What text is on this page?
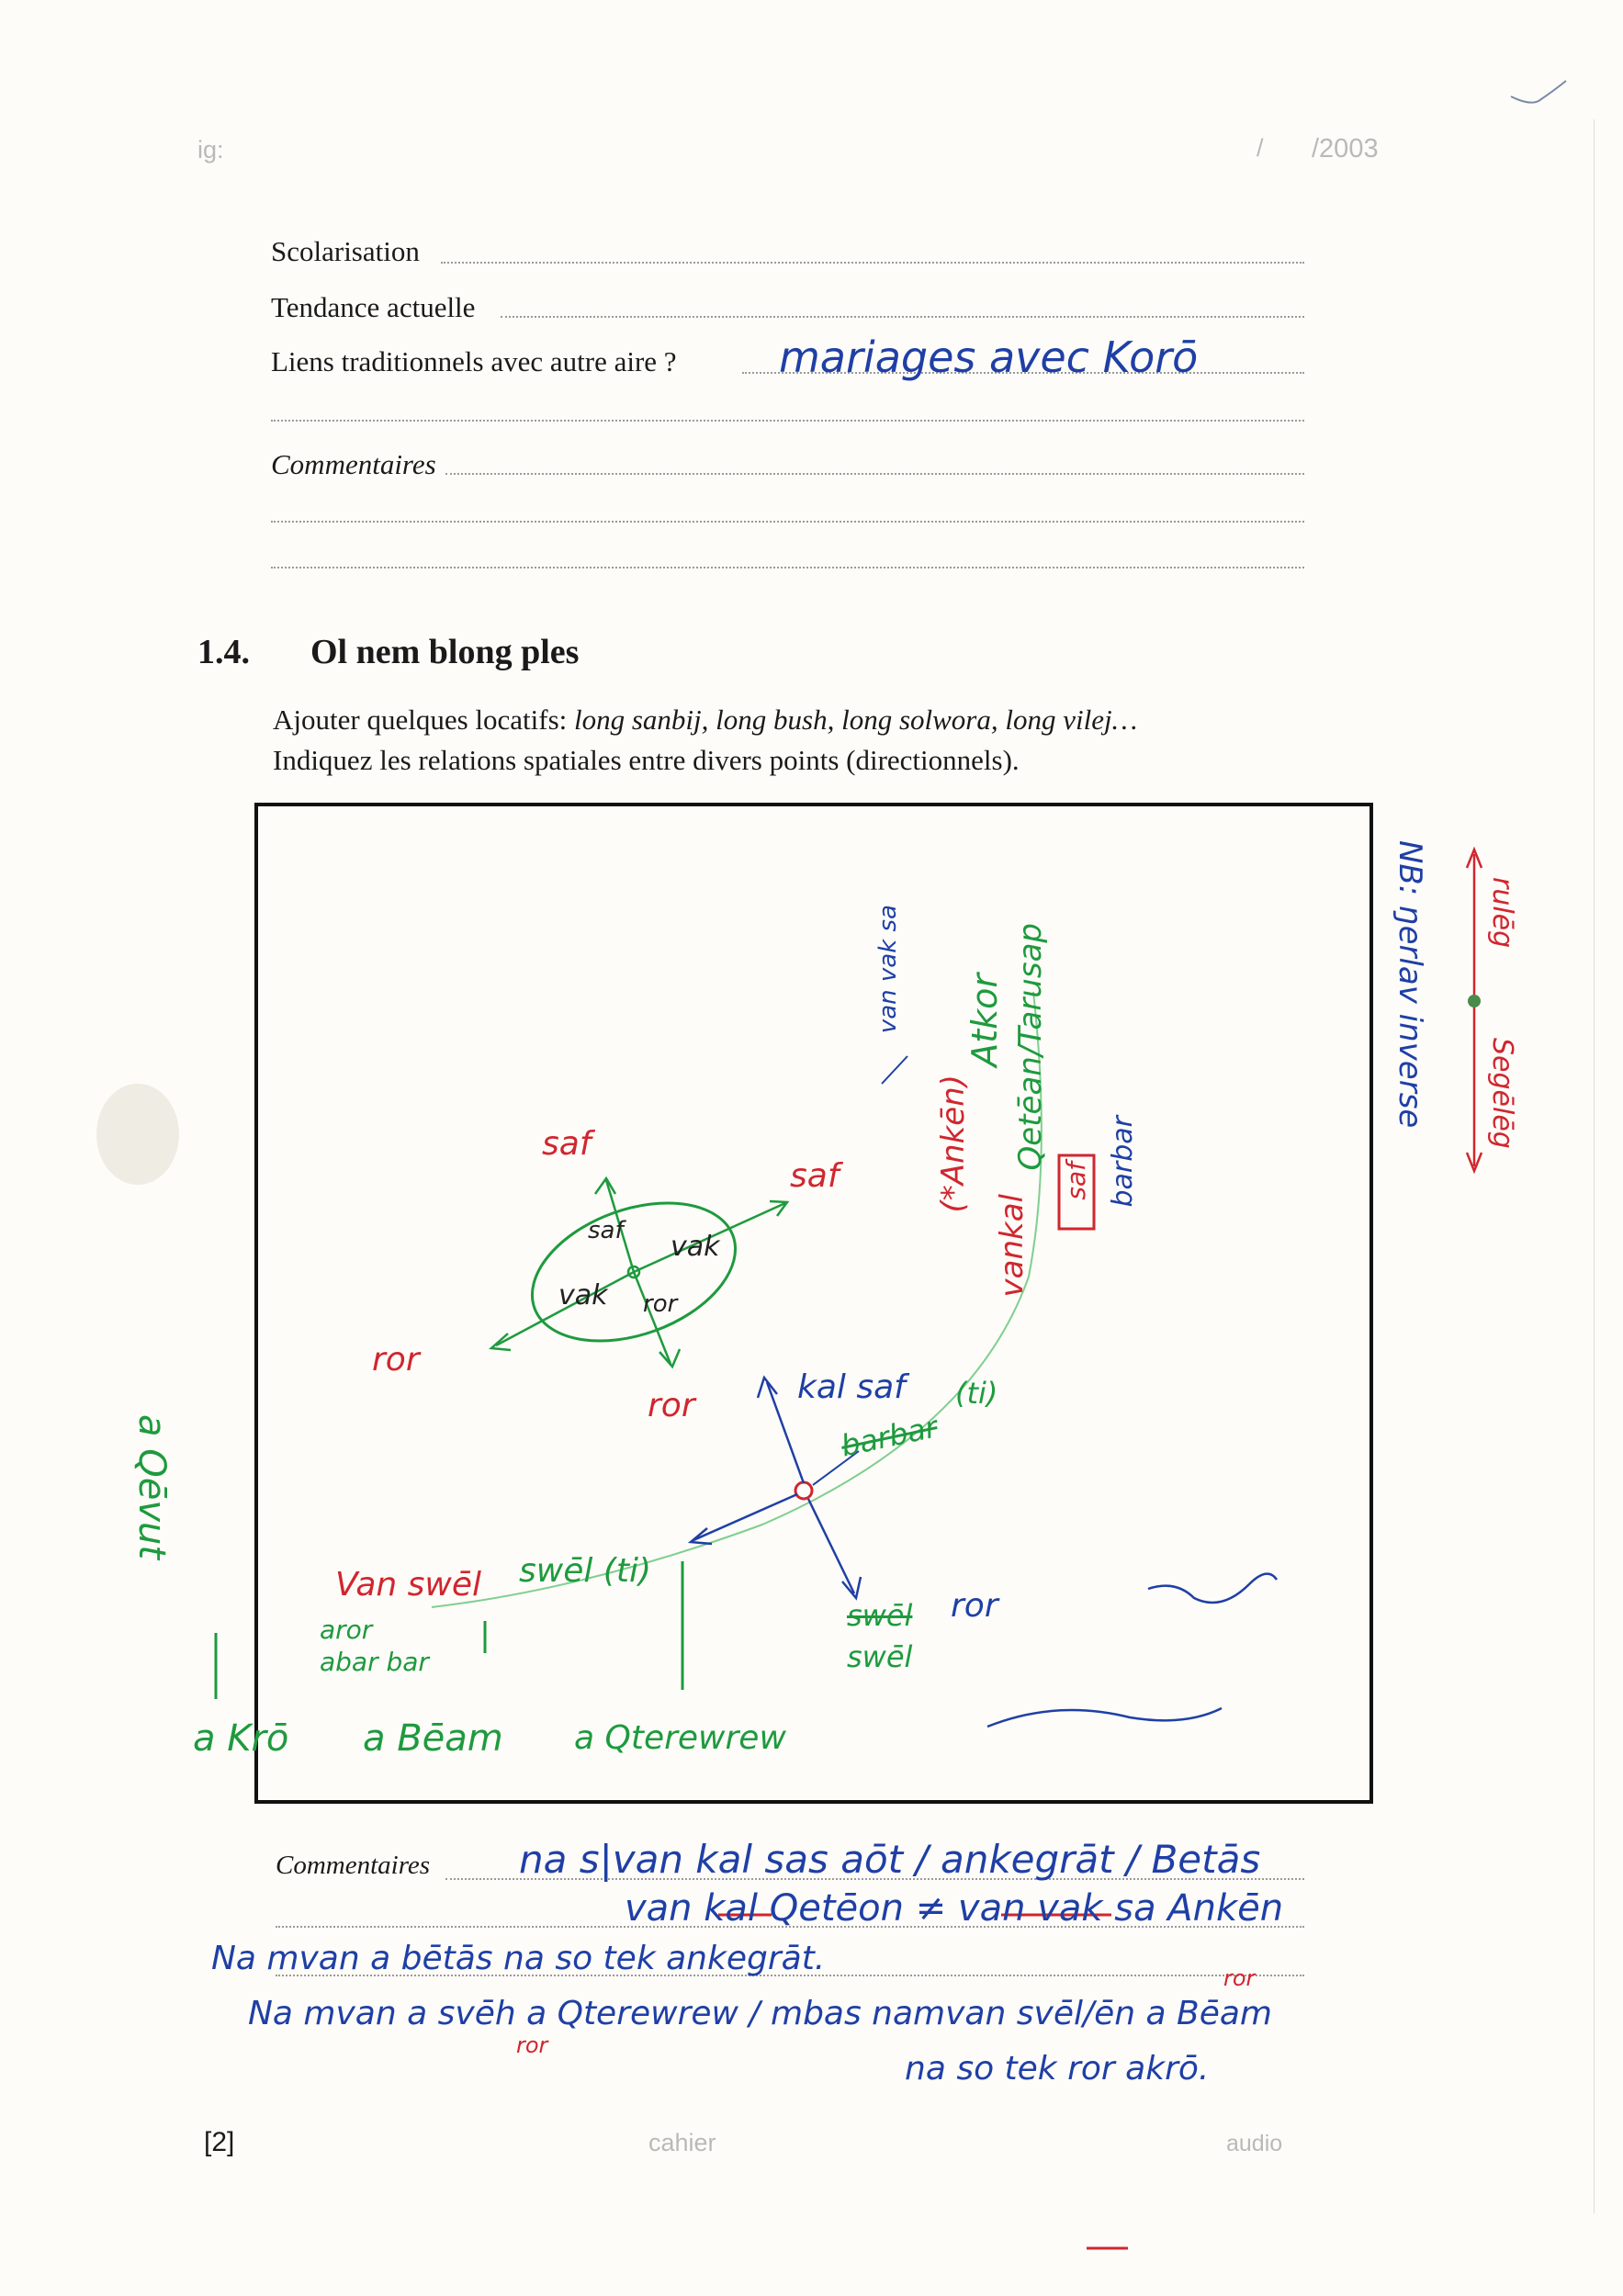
ig:	/ /2003
Scolarisation
Tendance actuelle
Liens traditionnels avec autre aire ? mariages avec Korō
Commentaires
1.4. Ol nem blong ples
Ajouter quelques locatifs: long sanbij, long bush, long solwora, long vilej…
Indiquez les relations spatiales entre divers points (directionnels).
NB: ŋerlav inverse Segēlēg
rulēg
saf
saf
ror
ror
saf
vak
vak
ror
van vak sa
(*Ankēn)
Atkor Qetēan/Tarusap
vankal
saf barbar
kal saf
barbar
(ti)
Van swēl swēl (ti)
aror
abar bar
swēl
swēl
ror
a Qēvut
a Krō a Bēam a Qterewrew
Commentaires na s|van kal sas aōt / ankegrāt / Betās
van kal Qetēon ≠ van vak sa Ankēn
Na mvan a bētās na so tek ankegrāt.
Na mvan a svēh a Qterewrew / mbas namvan svēl/ēn a Bēam
ror
ror
na so tek ror akrō.
[2]	cahier	audio
